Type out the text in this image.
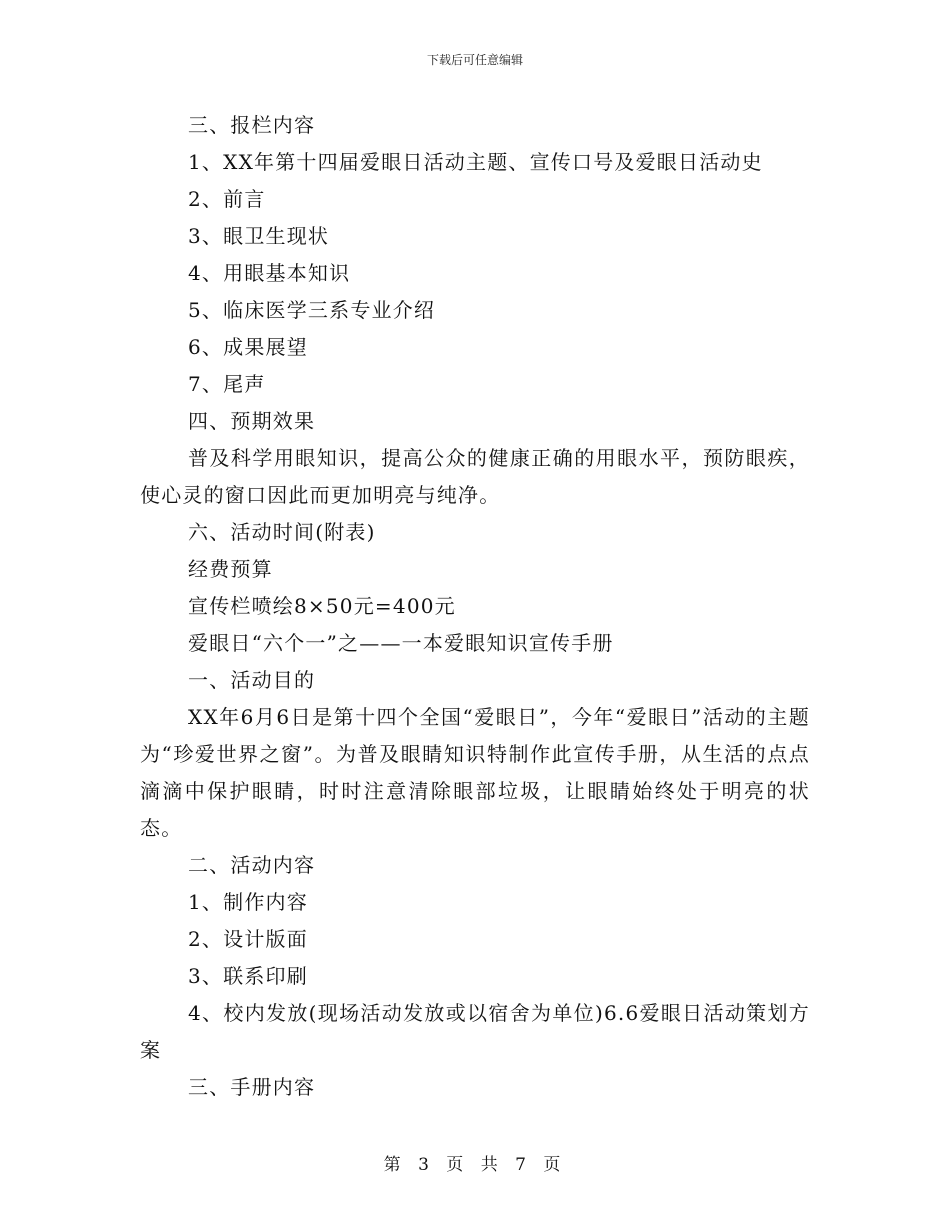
下载后可任意编辑
三、报栏内容
1、XX年第十四届爱眼日活动主题、宣传口号及爱眼日活动史
2、前言
3、眼卫生现状
4、用眼基本知识
5、临床医学三系专业介绍
6、成果展望
7、尾声
四、预期效果
普及科学用眼知识，提高公众的健康正确的用眼水平，预防眼疾，使心灵的窗口因此而更加明亮与纯净。
六、活动时间(附表)
经费预算
宣传栏喷绘8×50元=400元
爱眼日“六个一”之——一本爱眼知识宣传手册
一、活动目的
XX年6月6日是第十四个全国“爱眼日”，今年“爱眼日”活动的主题为“珍爱世界之窗”。为普及眼睛知识特制作此宣传手册，从生活的点点滴滴中保护眼睛，时时注意清除眼部垃圾，让眼睛始终处于明亮的状态。
二、活动内容
1、制作内容
2、设计版面
3、联系印刷
4、校内发放(现场活动发放或以宿舍为单位)6.6爱眼日活动策划方案
三、手册内容
第 3 页 共 7 页
